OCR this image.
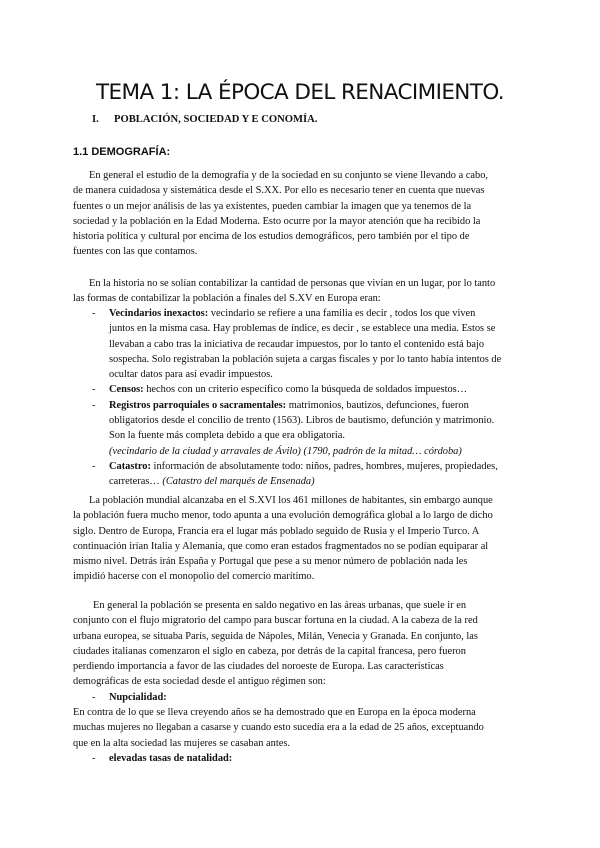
TEMA 1: LA ÉPOCA DEL RENACIMIENTO.
I. POBLACIÓN, SOCIEDAD Y E CONOMÍA.
1.1 DEMOGRAFÍA:
En general el estudio de la demografía y de la sociedad en su conjunto se viene llevando a cabo,
de manera cuidadosa y sistemática desde el S.XX. Por ello es necesario tener en cuenta que nuevas
fuentes o un mejor análisis de las ya existentes, pueden cambiar la imagen que ya tenemos de la
sociedad y la población en la Edad Moderna. Esto ocurre por la mayor atención que ha recibido la
historia política y cultural por encima de los estudios demográficos, pero también por el tipo de
fuentes con las que contamos.
En la historia no se solían contabilizar la cantidad de personas que vivían en un lugar, por lo tanto
las formas de contabilizar la población a finales del S.XV en Europa eran:
- Vecindarios inexactos: vecindario se refiere a una familia es decir , todos los que viven
juntos en la misma casa. Hay problemas de índice, es decir , se establece una media. Estos se
llevaban a cabo tras la iniciativa de recaudar impuestos, por lo tanto el contenido está bajo
sospecha. Solo registraban la población sujeta a cargas fiscales y por lo tanto había intentos de
ocultar datos para así evadir impuestos.
- Censos: hechos con un criterio específico como la búsqueda de soldados impuestos…
- Registros parroquiales o sacramentales: matrimonios, bautizos, defunciones, fueron
obligatorios desde el concilio de trento (1563). Libros de bautismo, defunción y matrimonio.
Son la fuente más completa debido a que era obligatoria.
(vecindario de la ciudad y arravales de Ávilo) (1790, padrón de la mitad… córdoba)
- Catastro: información de absolutamente todo: niños, padres, hombres, mujeres, propiedades,
carreteras… (Catastro del marqués de Ensenada)
La población mundial alcanzaba en el S.XVI los 461 millones de habitantes, sin embargo aunque
la población fuera mucho menor, todo apunta a una evolución demográfica global a lo largo de dicho
siglo. Dentro de Europa, Francia era el lugar más poblado seguido de Rusia y el Imperio Turco. A
continuación irían Italia y Alemania, que como eran estados fragmentados no se podían equiparar al
mismo nivel. Detrás irán España y Portugal que pese a su menor número de población nada les
impidió hacerse con el monopolio del comercio marítimo.
En general la población se presenta en saldo negativo en las áreas urbanas, que suele ir en
conjunto con el flujo migratorio del campo para buscar fortuna en la ciudad. A la cabeza de la red
urbana europea, se situaba París, seguida de Nápoles, Milán, Venecia y Granada. En conjunto, las
ciudades italianas comenzaron el siglo en cabeza, por detrás de la capital francesa, pero fueron
perdiendo importancia a favor de las ciudades del noroeste de Europa. Las características
demográficas de esta sociedad desde el antiguo régimen son:
- Nupcialidad:
En contra de lo que se lleva creyendo años se ha demostrado que en Europa en la época moderna
muchas mujeres no llegaban a casarse y cuando esto sucedía era a la edad de 25 años, exceptuando
que en la alta sociedad las mujeres se casaban antes.
- elevadas tasas de natalidad:
